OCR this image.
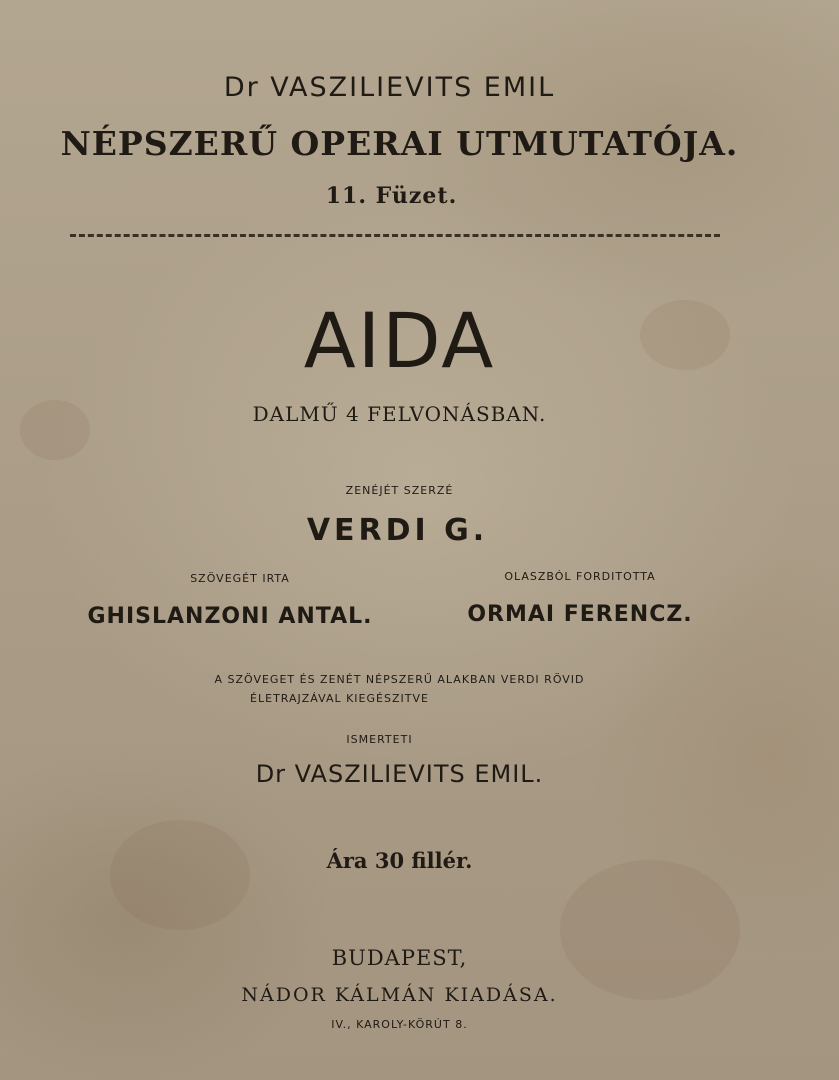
Dr VASZILIEVITS EMIL

NÉPSZERŰ OPERAI UTMUTATÓJA.

11. Füzet.

AIDA

DALMŰ 4 FELVONÁSBAN.

ZENÉJÉT SZERZÉ

VERDI G.

SZÖVEGÉT IRTA	OLASZBÓL FORDITOTTA

GHISLANZONI ANTAL.	ORMAI FERENCZ.

A SZÖVEGET ÉS ZENÉT NÉPSZERŰ ALAKBAN VERDI RÖVID

ÉLETRAJZÁVAL KIEGÉSZITVE

ISMERTETI

Dr VASZILIEVITS EMIL.

Ára 30 fillér.

BUDAPEST,

NÁDOR KÁLMÁN KIADÁSA.

IV., KAROLY-KÖRÚT 8.
